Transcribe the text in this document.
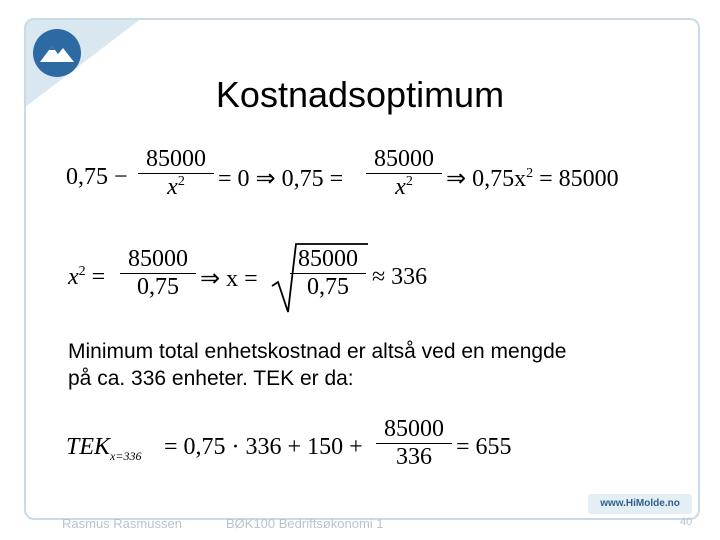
Kostnadsoptimum
0,75 −
85000
$x^2$	= 0 ⇒ 0,75 =
85000
$x^2$	⇒ $0,75x^2 = 85000$
$x^2$ =
85000
0,75 ⇒ x =
85000
0,75 ≈ 336
Minimum total enhetskostnad er altså ved en mengde
på ca. 336 enheter. TEK er da:
$TEK_{x=336} = 0,75 \cdot 336 + 150$ +
85000
336	= 655
www.HiMolde.no
Rasmus Rasmussen	BØK100 Bedriftsøkonomi 1	40
